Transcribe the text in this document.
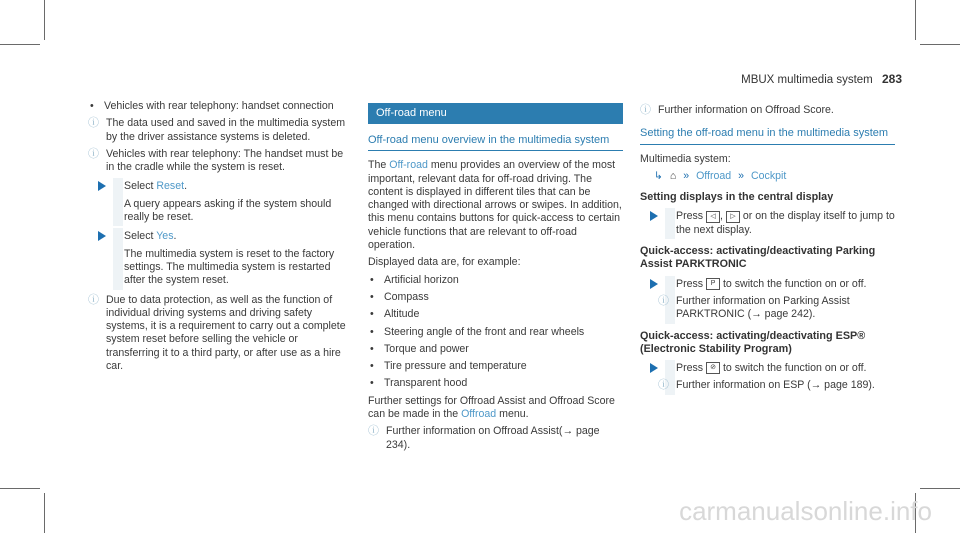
MBUX multimedia system 283
• Vehicles with rear telephony: handset connection
ⓘ The data used and saved in the multimedia system by the driver assistance systems is deleted.
ⓘ Vehicles with rear telephony: The handset must be in the cradle while the system is reset.

Select Reset.

A query appears asking if the system should really be reset.

Select Yes.

The multimedia system is reset to the factory settings. The multimedia system is restarted after the system reset.

ⓘ Due to data protection, as well as the function of individual driving systems and driving safety systems, it is a requirement to carry out a complete system reset before selling the vehicle or transferring it to a third party, or after use as a hire car.
Off-road menu
Off-road menu overview in the multimedia system

The Off-road menu provides an overview of the most important, relevant data for off-road driving. The content is displayed in different tiles that can be changed with directional arrows or swipes. In addition, this menu contains buttons for quick-access to certain vehicle functions that are relevant to off-road operation.

Displayed data are, for example:

• Artificial horizon
• Compass
• Altitude
• Steering angle of the front and rear wheels
• Torque and power
• Tire pressure and temperature
• Transparent hood

Further settings for Offroad Assist and Offroad Score can be made in the Offroad menu.

ⓘ Further information on Offroad Assist(→ page 234).
ⓘ Further information on Offroad Score.
Setting the off-road menu in the multimedia system

Multimedia system:

↳ ⌂ » Offroad » Cockpit
Setting displays in the central display

Press ◁ , ▷ or on the display itself to jump to the next display.

Quick-access: activating/deactivating Parking Assist PARKTRONIC

Press P to switch the function on or off.

ⓘ Further information on Parking Assist PARKTRONIC (→ page 242).
Quick-access: activating/deactivating ESP® (Electronic Stability Program)

Press ⊘ to switch the function on or off.

ⓘ Further information on ESP (→ page 189).
carmanualsonline.info
